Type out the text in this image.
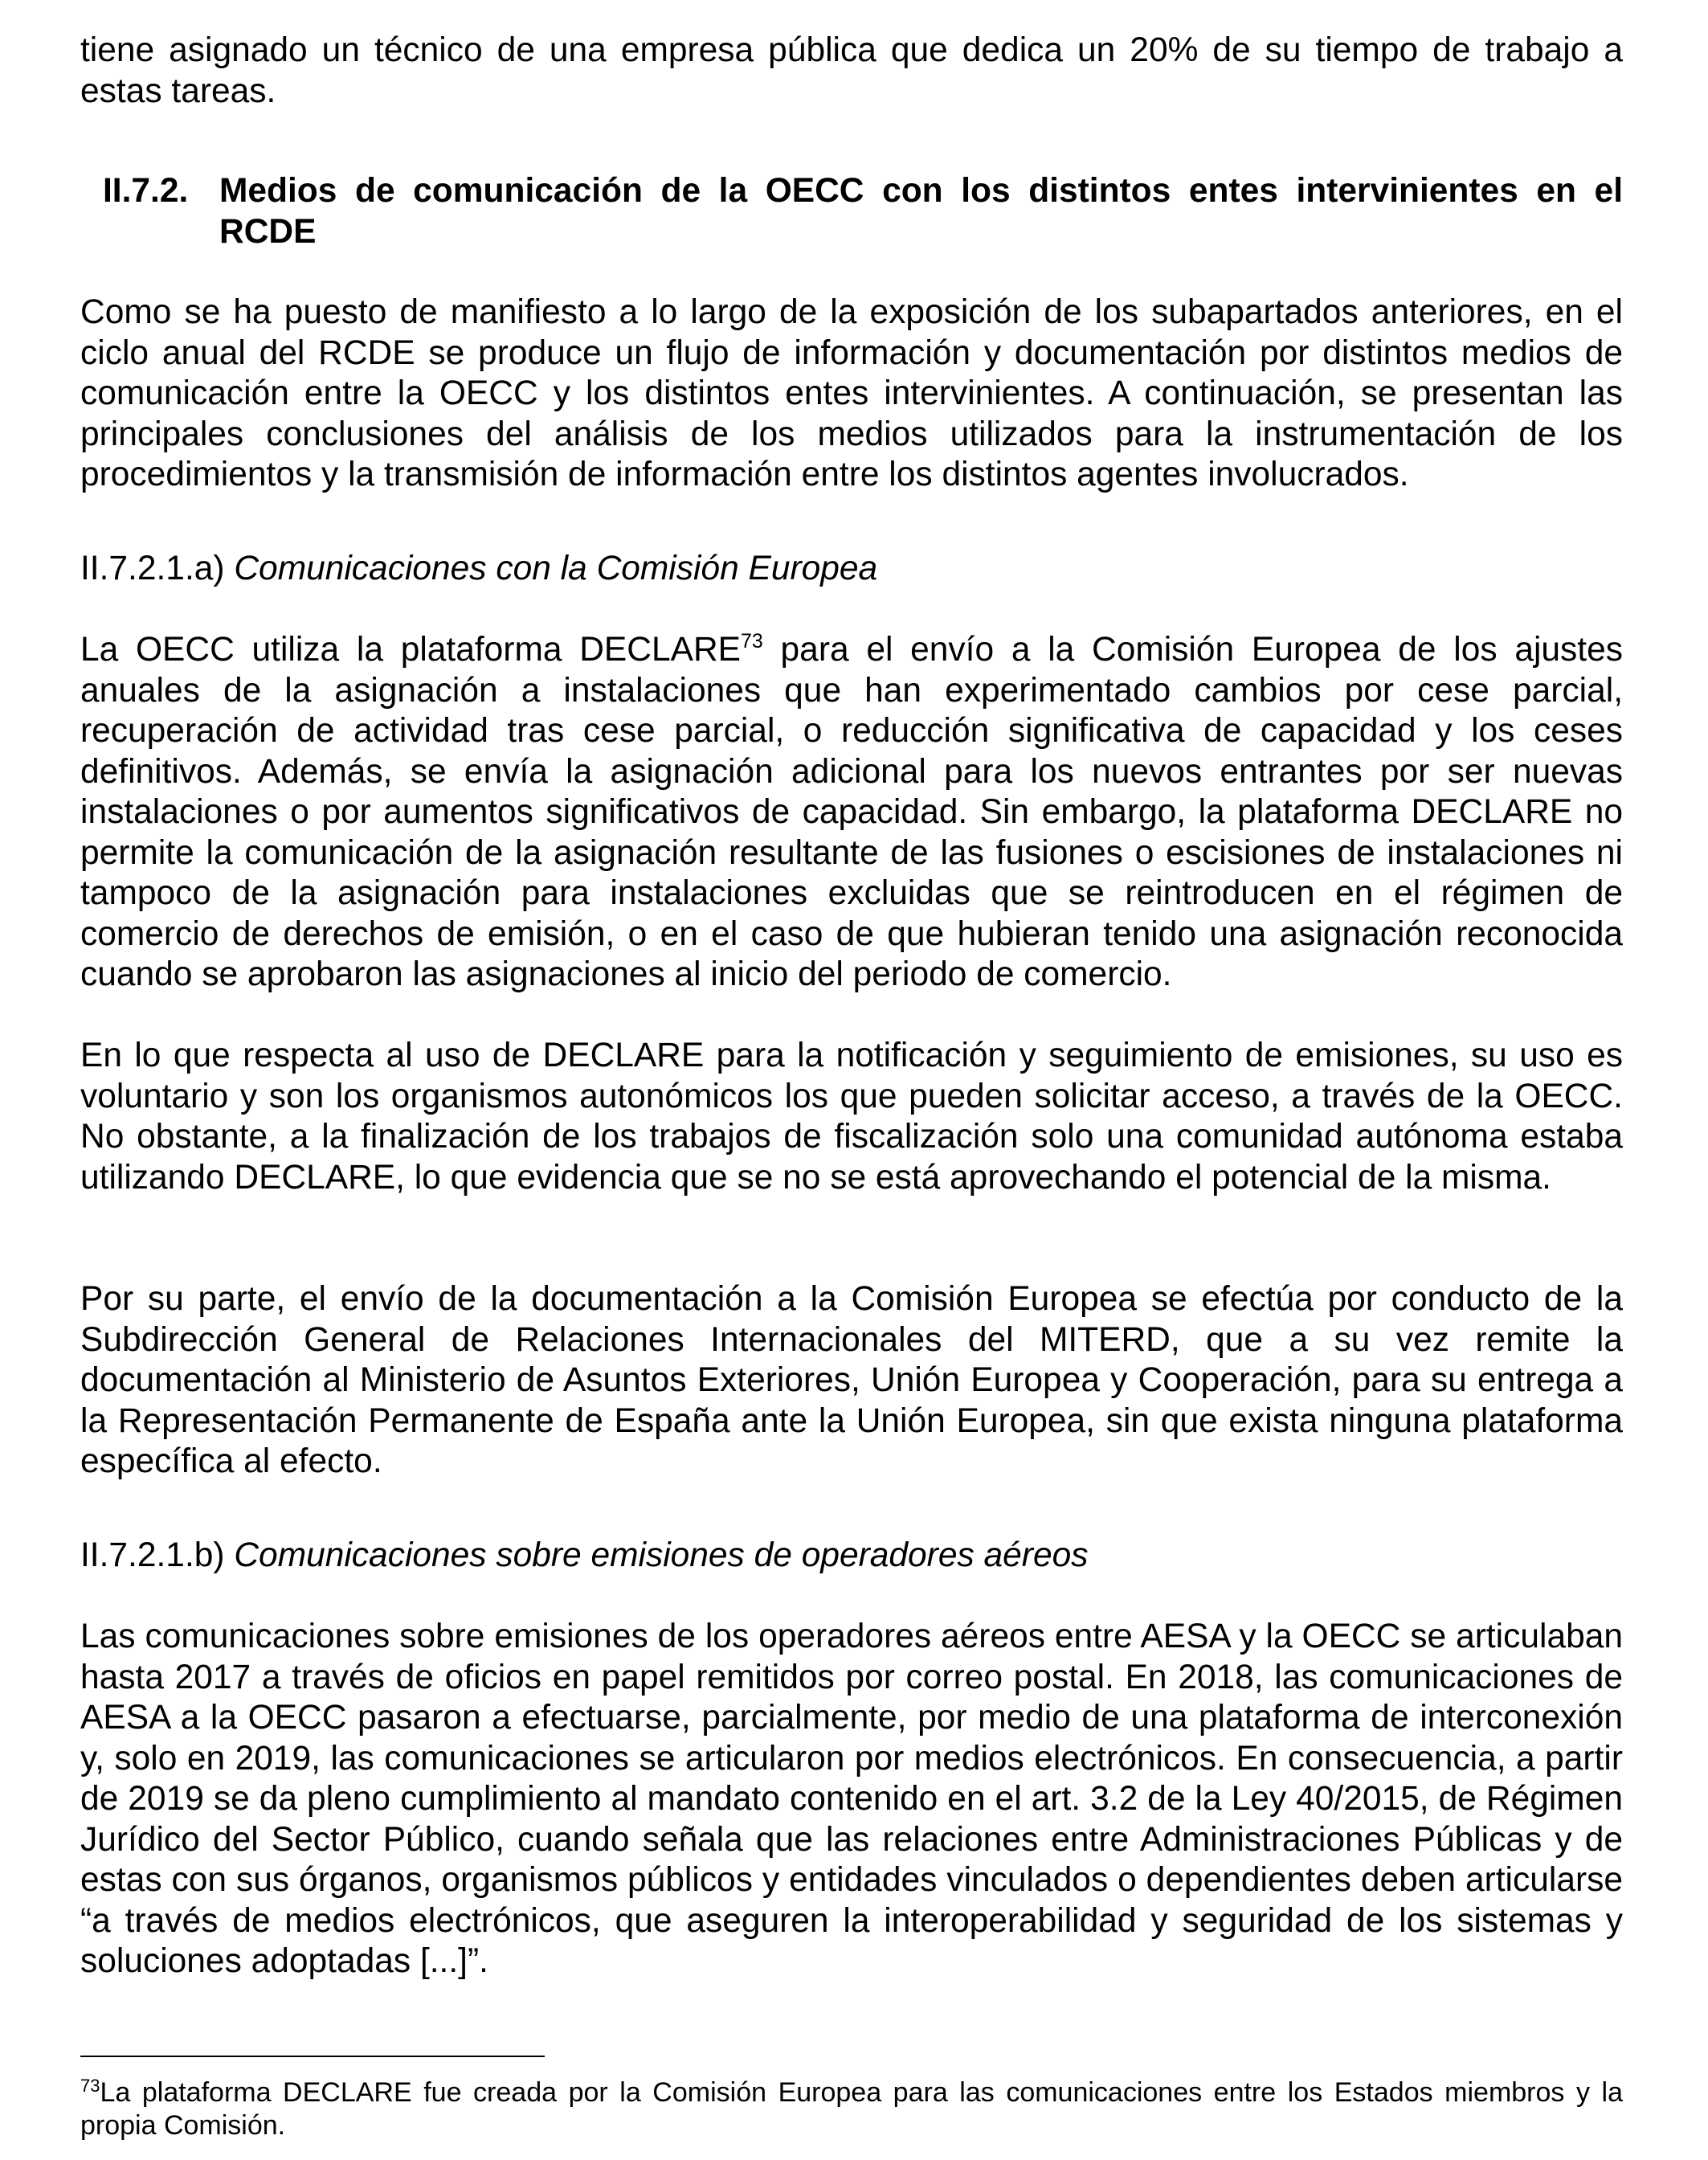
tiene asignado un técnico de una empresa pública que dedica un 20% de su tiempo de trabajo a estas tareas.

II.7.2. Medios de comunicación de la OECC con los distintos entes intervinientes en el RCDE

Como se ha puesto de manifiesto a lo largo de la exposición de los subapartados anteriores, en el ciclo anual del RCDE se produce un flujo de información y documentación por distintos medios de comunicación entre la OECC y los distintos entes intervinientes. A continuación, se presentan las principales conclusiones del análisis de los medios utilizados para la instrumentación de los procedimientos y la transmisión de información entre los distintos agentes involucrados.

II.7.2.1.a) Comunicaciones con la Comisión Europea

La OECC utiliza la plataforma DECLARE$^{73}$ para el envío a la Comisión Europea de los ajustes anuales de la asignación a instalaciones que han experimentado cambios por cese parcial, recuperación de actividad tras cese parcial, o reducción significativa de capacidad y los ceses definitivos. Además, se envía la asignación adicional para los nuevos entrantes por ser nuevas instalaciones o por aumentos significativos de capacidad. Sin embargo, la plataforma DECLARE no permite la comunicación de la asignación resultante de las fusiones o escisiones de instalaciones ni tampoco de la asignación para instalaciones excluidas que se reintroducen en el régimen de comercio de derechos de emisión, o en el caso de que hubieran tenido una asignación reconocida cuando se aprobaron las asignaciones al inicio del periodo de comercio.

En lo que respecta al uso de DECLARE para la notificación y seguimiento de emisiones, su uso es voluntario y son los organismos autonómicos los que pueden solicitar acceso, a través de la OECC. No obstante, a la finalización de los trabajos de fiscalización solo una comunidad autónoma estaba utilizando DECLARE, lo que evidencia que se no se está aprovechando el potencial de la misma.

Por su parte, el envío de la documentación a la Comisión Europea se efectúa por conducto de la Subdirección General de Relaciones Internacionales del MITERD, que a su vez remite la documentación al Ministerio de Asuntos Exteriores, Unión Europea y Cooperación, para su entrega a la Representación Permanente de España ante la Unión Europea, sin que exista ninguna plataforma específica al efecto.

II.7.2.1.b) Comunicaciones sobre emisiones de operadores aéreos

Las comunicaciones sobre emisiones de los operadores aéreos entre AESA y la OECC se articulaban hasta 2017 a través de oficios en papel remitidos por correo postal. En 2018, las comunicaciones de AESA a la OECC pasaron a efectuarse, parcialmente, por medio de una plataforma de interconexión y, solo en 2019, las comunicaciones se articularon por medios electrónicos. En consecuencia, a partir de 2019 se da pleno cumplimiento al mandato contenido en el art. 3.2 de la Ley 40/2015, de Régimen Jurídico del Sector Público, cuando señala que las relaciones entre Administraciones Públicas y de estas con sus órganos, organismos públicos y entidades vinculados o dependientes deben articularse “a través de medios electrónicos, que aseguren la interoperabilidad y seguridad de los sistemas y soluciones adoptadas [...]”.

$^{73}$La plataforma DECLARE fue creada por la Comisión Europea para las comunicaciones entre los Estados miembros y la propia Comisión.
